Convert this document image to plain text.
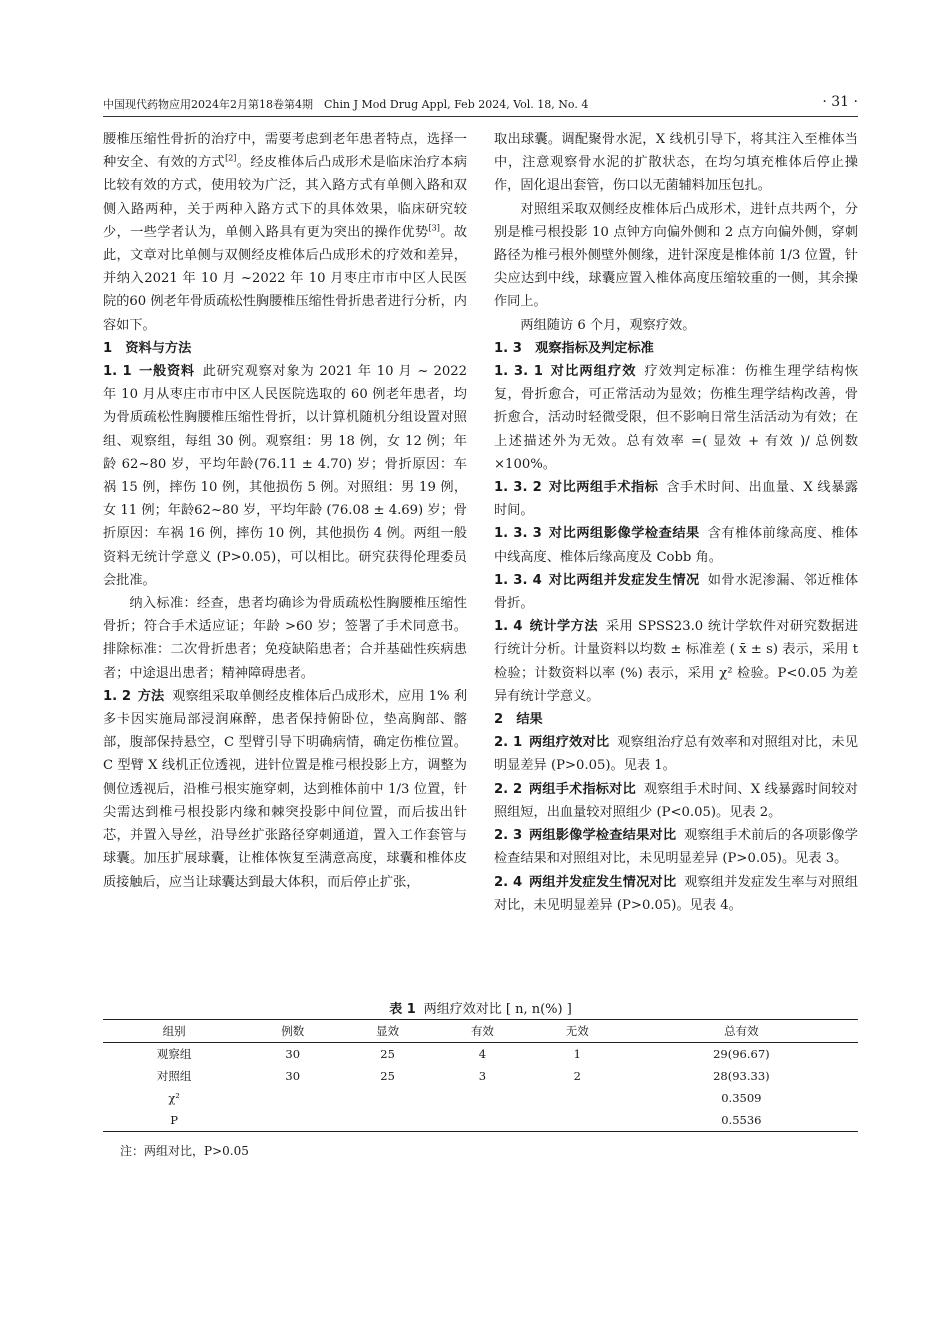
中国现代药物应用2024年2月第18卷第4期　Chin J Mod Drug Appl, Feb 2024, Vol. 18, No. 4	· 31 ·

腰椎压缩性骨折的治疗中，需要考虑到老年患者特点，选择一种安全、有效的方式[2]。经皮椎体后凸成形术是临床治疗本病比较有效的方式，使用较为广泛，其入路方式有单侧入路和双侧入路两种，关于两种入路方式下的具体效果，临床研究较少，一些学者认为，单侧入路具有更为突出的操作优势[3]。故此，文章对比单侧与双侧经皮椎体后凸成形术的疗效和差异，并纳入2021 年 10 月 ~2022 年 10 月枣庄市市中区人民医院的60 例老年骨质疏松性胸腰椎压缩性骨折患者进行分析，内容如下。

1　资料与方法

1. 1 一般资料 此研究观察对象为 2021 年 10 月 ~ 2022 年 10 月从枣庄市市中区人民医院选取的 60 例老年患者，均为骨质疏松性胸腰椎压缩性骨折，以计算机随机分组设置对照组、观察组，每组 30 例。观察组：男 18 例，女 12 例；年龄 62~80 岁，平均年龄(76.11 ± 4.70) 岁；骨折原因：车祸 15 例，摔伤 10 例，其他损伤 5 例。对照组：男 19 例，女 11 例；年龄62~80 岁，平均年龄 (76.08 ± 4.69) 岁；骨折原因：车祸 16 例，摔伤 10 例，其他损伤 4 例。两组一般资料无统计学意义 (P>0.05)，可以相比。研究获得伦理委员会批准。

纳入标准：经查，患者均确诊为骨质疏松性胸腰椎压缩性骨折；符合手术适应证；年龄 >60 岁；签署了手术同意书。排除标准：二次骨折患者；免疫缺陷患者；合并基础性疾病患者；中途退出患者；精神障碍患者。

1. 2 方法 观察组采取单侧经皮椎体后凸成形术，应用 1% 利多卡因实施局部浸润麻醉，患者保持俯卧位，垫高胸部、髂部，腹部保持悬空，C 型臂引导下明确病情，确定伤椎位置。C 型臂 X 线机正位透视，进针位置是椎弓根投影上方，调整为侧位透视后，沿椎弓根实施穿刺，达到椎体前中 1/3 位置，针尖需达到椎弓根投影内缘和棘突投影中间位置，而后拔出针芯，并置入导丝，沿导丝扩张路径穿刺通道，置入工作套管与球囊。加压扩展球囊，让椎体恢复至满意高度，球囊和椎体皮质接触后，应当让球囊达到最大体积，而后停止扩张，

取出球囊。调配聚骨水泥，X 线机引导下，将其注入至椎体当中，注意观察骨水泥的扩散状态，在均匀填充椎体后停止操作，固化退出套管，伤口以无菌辅料加压包扎。

对照组采取双侧经皮椎体后凸成形术，进针点共两个，分别是椎弓根投影 10 点钟方向偏外侧和 2 点方向偏外侧，穿刺路径为椎弓根外侧壁外侧缘，进针深度是椎体前 1/3 位置，针尖应达到中线，球囊应置入椎体高度压缩较重的一侧，其余操作同上。

两组随访 6 个月，观察疗效。

1. 3　观察指标及判定标准

1. 3. 1 对比两组疗效 疗效判定标准：伤椎生理学结构恢复，骨折愈合，可正常活动为显效；伤椎生理学结构改善，骨折愈合，活动时轻微受限，但不影响日常生活活动为有效；在上述描述外为无效。总有效率 =( 显效 + 有效 )/ 总例数 ×100%。

1. 3. 2 对比两组手术指标 含手术时间、出血量、X 线暴露时间。

1. 3. 3 对比两组影像学检查结果 含有椎体前缘高度、椎体中线高度、椎体后缘高度及 Cobb 角。

1. 3. 4 对比两组并发症发生情况 如骨水泥渗漏、邻近椎体骨折。

1. 4 统计学方法 采用 SPSS23.0 统计学软件对研究数据进行统计分析。计量资料以均数 ± 标准差 ( x̄ ± s) 表示，采用 t 检验；计数资料以率 (%) 表示，采用 χ² 检验。P<0.05 为差异有统计学意义。

2　结果

2. 1 两组疗效对比 观察组治疗总有效率和对照组对比，未见明显差异 (P>0.05)。见表 1。

2. 2 两组手术指标对比 观察组手术时间、X 线暴露时间较对照组短，出血量较对照组少 (P<0.05)。见表 2。

2. 3 两组影像学检查结果对比 观察组手术前后的各项影像学检查结果和对照组对比，未见明显差异 (P>0.05)。见表 3。

2. 4 两组并发症发生情况对比 观察组并发症发生率与对照组对比，未见明显差异 (P>0.05)。见表 4。

表 1 两组疗效对比 [ n, n(%) ]
组别	例数	显效	有效	无效	总有效
观察组	30	25	4	1	29(96.67)
对照组	30	25	3	2	28(93.33)
χ²					0.3509
P					0.5536
注：两组对比，P>0.05
